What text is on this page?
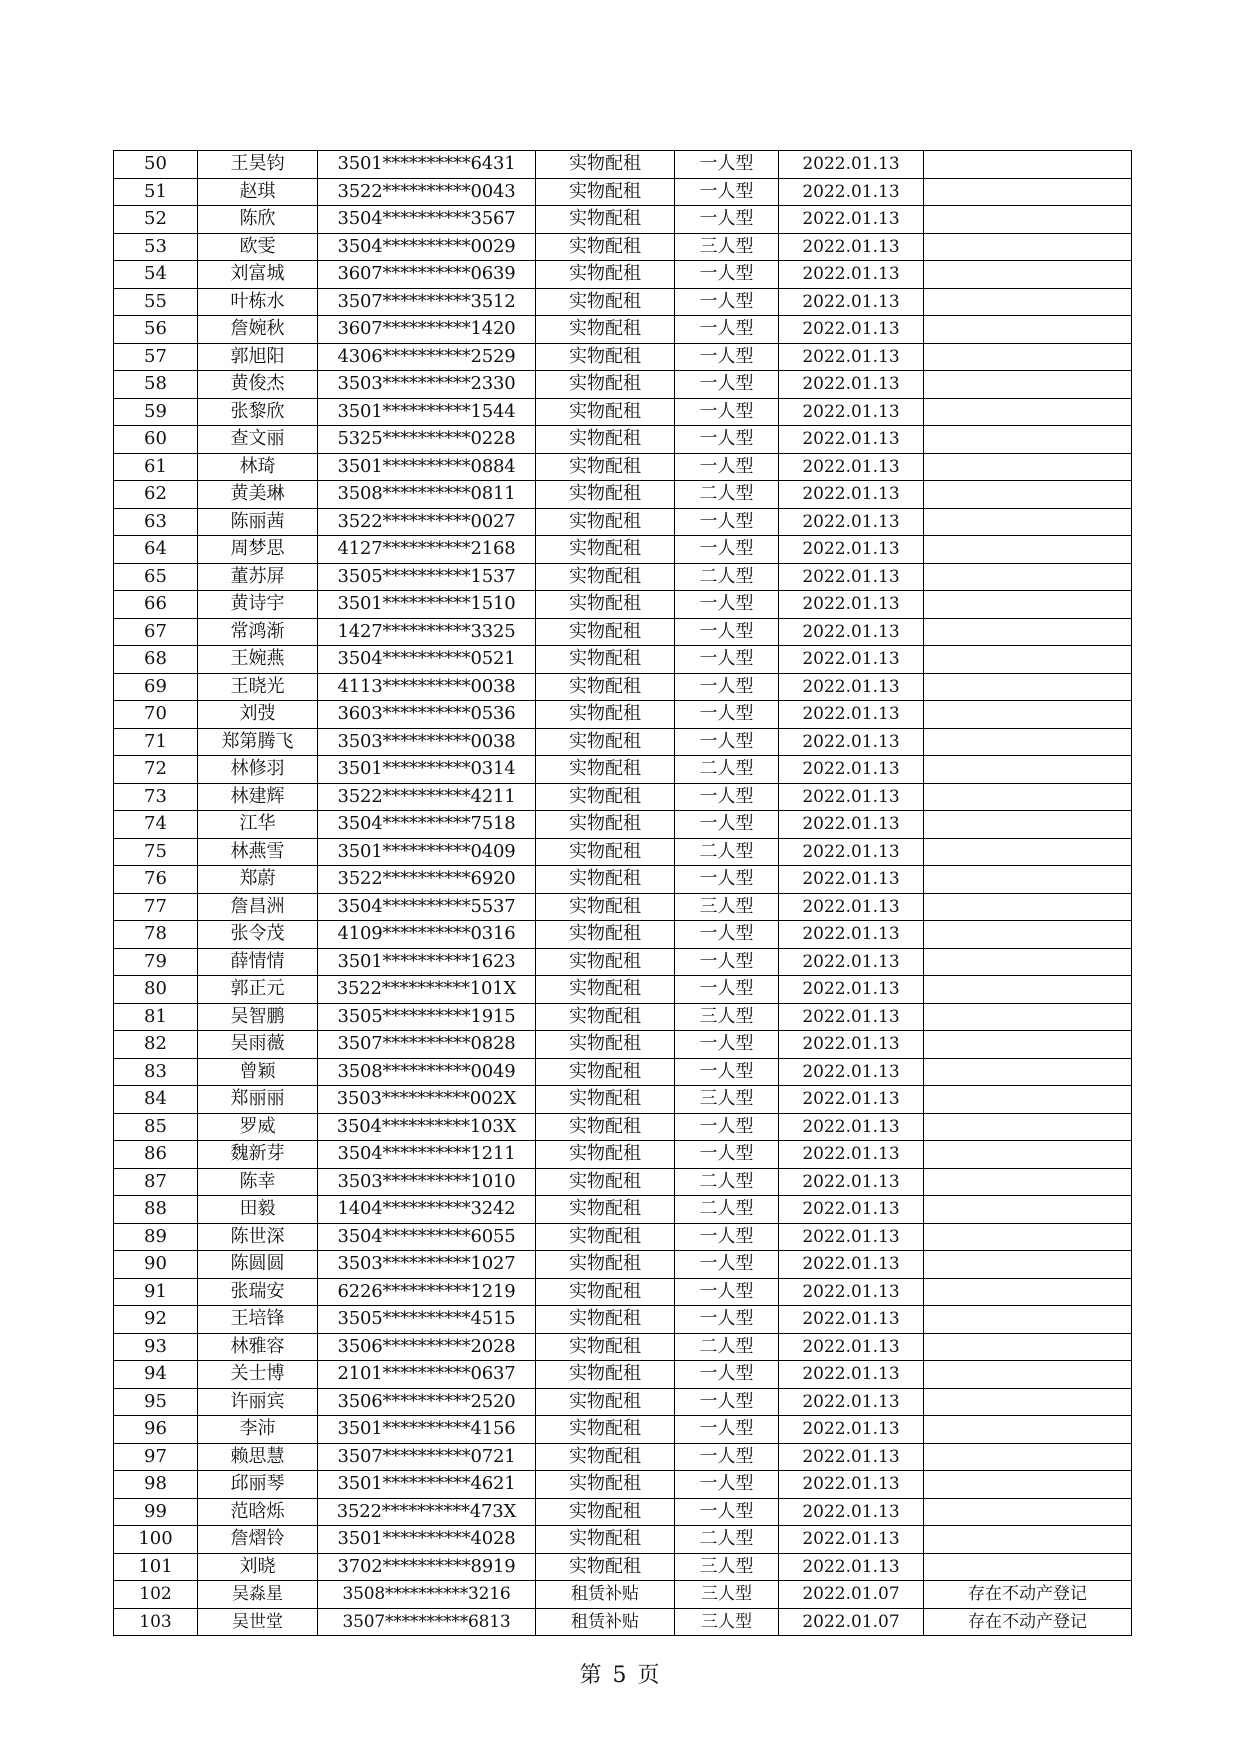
50	王昊钧	3501**********6431	实物配租	一人型	2022.01.13	
51	赵琪	3522**********0043	实物配租	一人型	2022.01.13	
52	陈欣	3504**********3567	实物配租	一人型	2022.01.13	
53	欧雯	3504**********0029	实物配租	三人型	2022.01.13	
54	刘富城	3607**********0639	实物配租	一人型	2022.01.13	
55	叶栋水	3507**********3512	实物配租	一人型	2022.01.13	
56	詹婉秋	3607**********1420	实物配租	一人型	2022.01.13	
57	郭旭阳	4306**********2529	实物配租	一人型	2022.01.13	
58	黄俊杰	3503**********2330	实物配租	一人型	2022.01.13	
59	张黎欣	3501**********1544	实物配租	一人型	2022.01.13	
60	查文丽	5325**********0228	实物配租	一人型	2022.01.13	
61	林琦	3501**********0884	实物配租	一人型	2022.01.13	
62	黄美琳	3508**********0811	实物配租	二人型	2022.01.13	
63	陈丽茜	3522**********0027	实物配租	一人型	2022.01.13	
64	周梦思	4127**********2168	实物配租	一人型	2022.01.13	
65	董苏屏	3505**********1537	实物配租	二人型	2022.01.13	
66	黄诗宇	3501**********1510	实物配租	一人型	2022.01.13	
67	常鸿渐	1427**********3325	实物配租	一人型	2022.01.13	
68	王婉燕	3504**********0521	实物配租	一人型	2022.01.13	
69	王晓光	4113**********0038	实物配租	一人型	2022.01.13	
70	刘弢	3603**********0536	实物配租	一人型	2022.01.13	
71	郑第腾飞	3503**********0038	实物配租	一人型	2022.01.13	
72	林修羽	3501**********0314	实物配租	二人型	2022.01.13	
73	林建辉	3522**********4211	实物配租	一人型	2022.01.13	
74	江华	3504**********7518	实物配租	一人型	2022.01.13	
75	林燕雪	3501**********0409	实物配租	二人型	2022.01.13	
76	郑蔚	3522**********6920	实物配租	一人型	2022.01.13	
77	詹昌洲	3504**********5537	实物配租	三人型	2022.01.13	
78	张令茂	4109**********0316	实物配租	一人型	2022.01.13	
79	薛情情	3501**********1623	实物配租	一人型	2022.01.13	
80	郭正元	3522**********101X	实物配租	一人型	2022.01.13	
81	吴智鹏	3505**********1915	实物配租	三人型	2022.01.13	
82	吴雨薇	3507**********0828	实物配租	一人型	2022.01.13	
83	曾颖	3508**********0049	实物配租	一人型	2022.01.13	
84	郑丽丽	3503**********002X	实物配租	三人型	2022.01.13	
85	罗威	3504**********103X	实物配租	一人型	2022.01.13	
86	魏新芽	3504**********1211	实物配租	一人型	2022.01.13	
87	陈幸	3503**********1010	实物配租	二人型	2022.01.13	
88	田毅	1404**********3242	实物配租	二人型	2022.01.13	
89	陈世深	3504**********6055	实物配租	一人型	2022.01.13	
90	陈圆圆	3503**********1027	实物配租	一人型	2022.01.13	
91	张瑞安	6226**********1219	实物配租	一人型	2022.01.13	
92	王培锋	3505**********4515	实物配租	一人型	2022.01.13	
93	林雅容	3506**********2028	实物配租	二人型	2022.01.13	
94	关士博	2101**********0637	实物配租	一人型	2022.01.13	
95	许丽宾	3506**********2520	实物配租	一人型	2022.01.13	
96	李沛	3501**********4156	实物配租	一人型	2022.01.13	
97	赖思慧	3507**********0721	实物配租	一人型	2022.01.13	
98	邱丽琴	3501**********4621	实物配租	一人型	2022.01.13	
99	范晗烁	3522**********473X	实物配租	一人型	2022.01.13	
100	詹熠铃	3501**********4028	实物配租	二人型	2022.01.13	
101	刘晓	3702**********8919	实物配租	三人型	2022.01.13	
102	吴淼星	3508**********3216	租赁补贴	三人型	2022.01.07	存在不动产登记
103	吴世堂	3507**********6813	租赁补贴	三人型	2022.01.07	存在不动产登记
第 5 页
